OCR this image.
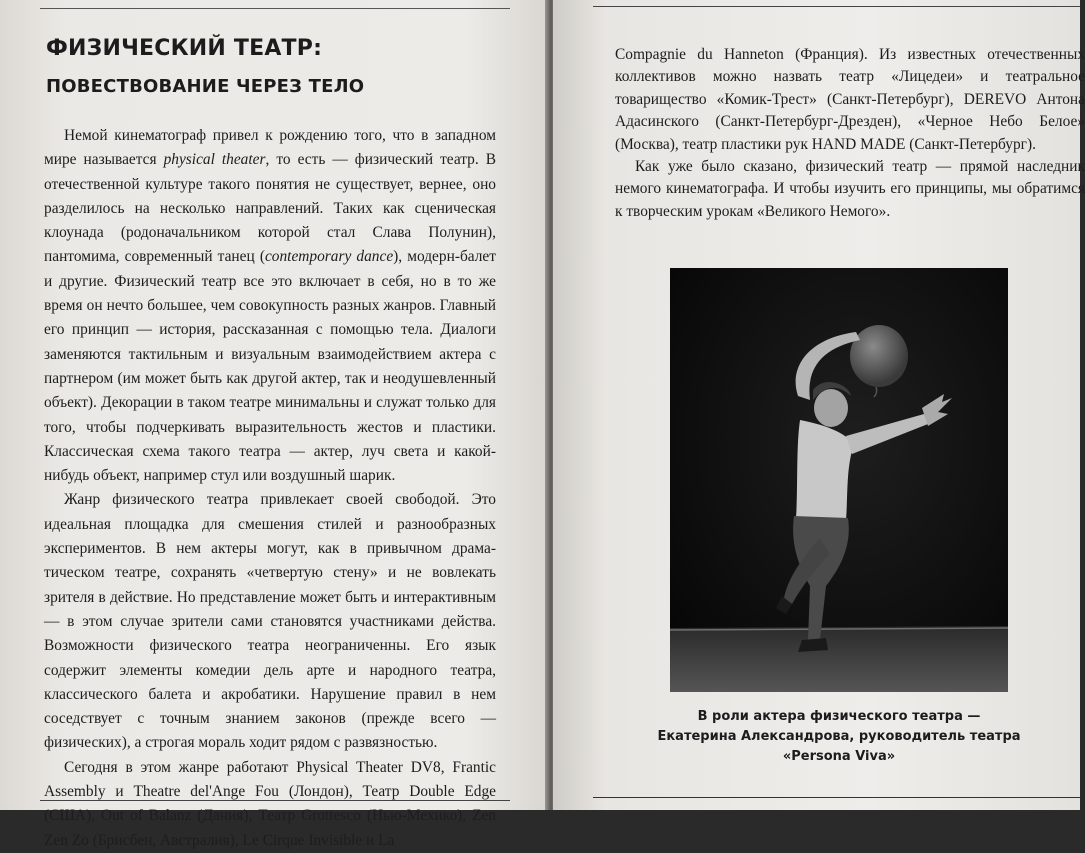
ФИЗИЧЕСКИЙ ТЕАТР:
ПОВЕСТВОВАНИЕ ЧЕРЕЗ ТЕЛО

Немой кинематограф привел к рождению того, что в западном мире называется physical theater, то есть — физический театр. В отечественной культуре такого понятия не существует, вернее, оно разделилось на несколько направлений. Таких как сценическая клоунада (родоначальником которой стал Слава Полунин), пантомима, современный танец (contemporary dance), модерн-балет и другие. Физический театр все это включает в себя, но в то же время он нечто большее, чем совокупность разных жанров. Главный его принцип — история, рассказанная с помощью тела. Диалоги заменяются тактильным и визуальным взаимодействием актера с партнером (им может быть как другой актер, так и неодушевленный объект). Декорации в таком театре минимальны и служат только для того, чтобы подчеркивать выразительность жестов и пластики. Классическая схема такого театра — актер, луч света и какой-нибудь объект, например стул или воздушный шарик.

Жанр физического театра привлекает своей свободой. Это идеальная площадка для смешения стилей и разнообразных экспериментов. В нем актеры могут, как в привычном драматическом театре, сохранять «четвертую стену» и не вовлекать зрителя в действие. Но представление может быть и интерактивным — в этом случае зрители сами становятся участниками действа. Возможности физического театра неограниченны. Его язык содержит элементы комедии дель арте и народного театра, классического балета и акробатики. Нарушение правил в нем соседствует с точным знанием законов (прежде всего — физических), а строгая мораль ходит рядом с развязностью.

Сегодня в этом жанре работают Physical Theater DV8, Frantic Assembly и Theatre del'Ange Fou (Лондон), Театр Double Edge (США), Out of Balanz (Дания), Театр Grottesco (Нью-Мехико), Zen Zen Zo (Брисбен, Австралия), Le Cirque Invisible и La

Compagnie du Hanneton (Франция). Из известных отечественных коллективов можно назвать театр «Лицедеи» и театральное товарищество «Комик-Трест» (Санкт-Петербург), DEREVO Антона Адасинского (Санкт-Петербург-Дрезден), «Черное Небо Белое» (Москва), театр пластики рук HAND MADE (Санкт-Петербург).

Как уже было сказано, физический театр — прямой наследник немого кинематографа. И чтобы изучить его принципы, мы обратимся к творческим урокам «Великого Немого».

В роли актера физического театра —
Екатерина Александрова, руководитель театра
«Persona Viva»
